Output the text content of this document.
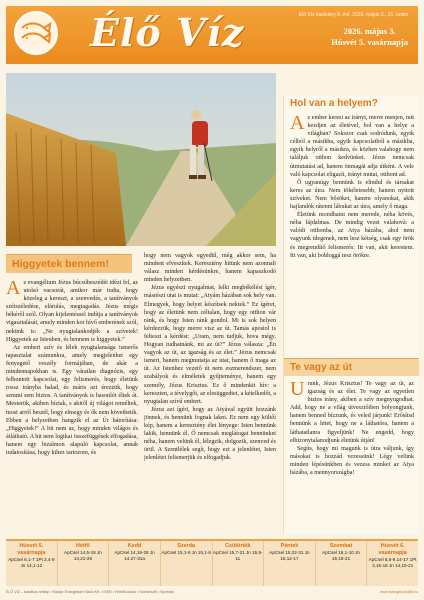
Élő Víz	Élő Víz kiadvány 8. évf. 2026. május 3., 21. szám
2026. május 3.
Húsvét 5. vasárnapja
Higgyetek bennem!

Az evangélium Jézus búcsúbeszédét idézi fel, az utolsó vacsorát, amikor már tudta, hogy közeleg a kereszt, a szenvedés, a tanítványok szétszéledése, elárulás, megtagadás. Jézus mégis békéről szól. Olyan kijelentéssel indítja a tanítványok vigasztalását, amely minden kor hívő emberének szól, nekünk is: „Ne nyugtalankodjék a szívetek! Higgyetek az Istenben, és bennem is higgyetek.”

Az emberi szív és lélek nyugtalansága ismerős tapasztalat számunkra, amely megjelenhet egy fenyegető veszély formájában, de akár a mindennapokban is. Egy váratlan diagnózis, egy felbontott kapcsolat, egy felismerés, hogy életünk rossz irányba halad, és máris azt érezzük, hogy semmi sem biztos. A tanítványok is hasonlót éltek át. Mesterük, akiben bíztak, s akitől új világot reméltek, most arról beszél, hogy elmegy és ők nem követhetik. Ebben a helyzetben hangzik el az Úr bátorítása: „Higgyetek!” A hit nem az, hogy minden világos és átlátható. A hit nem logikai összefüggések elfogadása, hanem egy bizalmon alapuló kapcsolat, annak tudatosítása, hogy kihez tartozom, és

hogy nem vagyok egyedül, még akkor sem, ha mindent elveszítek. Keresztény hitünk nem azonnali válasz minden kérdésünkre, hanem kapaszkodó minden helyzetben.

Jézus egyészt nyugalmat, lelki megbékélést ígér, másrészt utat is mutat: „Atyám házában sok hely van. Elmegyek, hogy helyet készítsek nektek.” Ez ígéret, hogy az életünk nem céltalan, hogy egy otthon vár ránk, és hogy Isten ránk gondol. Mi is sok helyen kérdezzük, hogy merre visz az út. Tamás apostol is felteszi a kérdést: „Uram, nem tudjuk, hova mégy. Hogyan tudhatnánk, mi az út?” Jézus válasza: „Én vagyok az út, az igazság és az élet.” Jézus nemcsak ismeri, hanem megmutatja az utat, hanem ő maga az út. Az Istenhez vezető út nem eszmerendszer, nem szabályok és elméletek gyűjteménye, hanem egy személy, Jézus Krisztus. Ez ő mindenkit hív: a kereszten, a tévelygőt, az elesüggedtet, a kételkedőt, a nyugtalan szívű embert.

Jézus azt ígéri, hogy az Atyával együtt hozzánk jönnek, és bennünk fognak lakni. Ez nem egy költői kép, hanem a keresztény élet lényege: Isten bennünk lakik, bennünk él. Ő nemcsak meglátogat bennünket néha, hanem velünk él, lélegzik, dolgozik, szenved és örül. A Szentlélek segít, hogy ezt a jelenlétet, Isten jelenlétet felismerjük és elfogadjuk.

Hol van a helyem?

Az ember keresi az irányt, merre menjen, mit kezdjen az életével, hol van a helye a világban? Sokszor csak sodródunk, egyik célból a másikba, egyik kapcsolatból a másikba, egyik helyről a másikra, és közben valahogy nem találjuk otthon kedvünket. Jézus nemcsak útmutatást ad, hanem önmagát adja útként. A vele való kapcsolat eligazít, irányt mutat, otthont ad.

Ő ugyanúgy bennünk is elindul és társakat keres az útra. Nem tökéletesebb, hanem nyitott szíveket. Nem bősöket, hanem olyanokat, akik hajlandók rátenni lábukat az útra, amely ő maga.

Életünk mondhatni nem merede, néha kövés, néha fájdalmas. De mindig vezet valahová: a valódi otthonba, az Atya házába, ahol nem vagyunk idegenek, nem lesz kétség, csak egy örök és megrendítő felismerés: Itt van, akit kerestem. Itt van, aki boldoggá tesz örökre.

Te vagy az út

Urunk, Jézus Krisztus! Te vagy az út, az igazság és az élet. Te vagy az egyetlen biztos irány, akiben a szív megnyugodhat. Add, hogy ne a világ útvesztőiben bolyongjunk, hanem benned bízzunk, és veled járjunk! Erősítsd bennünk a hitet, hogy ne a láthatóra, hanem a láthatatlanra figyeljünk! Ne engedd, hogy elbizonytalanodjunk életünk útján!

Segíts, hogy mi magunk is útra váljunk, így másokat is hozzád vezessünk! Légy velünk minden lépésünkben és vezess minket az Atya házába, a mennyországba!

Húsvét 5. vasárnapja
ApCsel 6,1-7 1Pt 2,4-9 Jn 14,1-12
Hétfő
ApCsel 14,5-18 Jn 14,21-26
Kedd
ApCsel 14,19-28 Jn 14,27-31a
Szerda
ApCsel 15,1-6 Jn 15,1-8
Csütörtök
ApCsel 15,7-21 Jn 15,9-11
Péntek
ApCsel 15,22-31 Jn 15,12-17
Szombat
ApCsel 16,1-10 Jn 15,18-21
Húsvét 6. vasárnapja
ApCsel 8,5-8.14-17 1Pt 3,15-18 Jn 14,15-21
ÉLŐ VÍZ – katolikus hetilap • Kiadja: Evangelium Kiadó Kft. • ISSN • Felelős kiadó • Szerkesztő • Nyomda	www.evangelium365.hu
